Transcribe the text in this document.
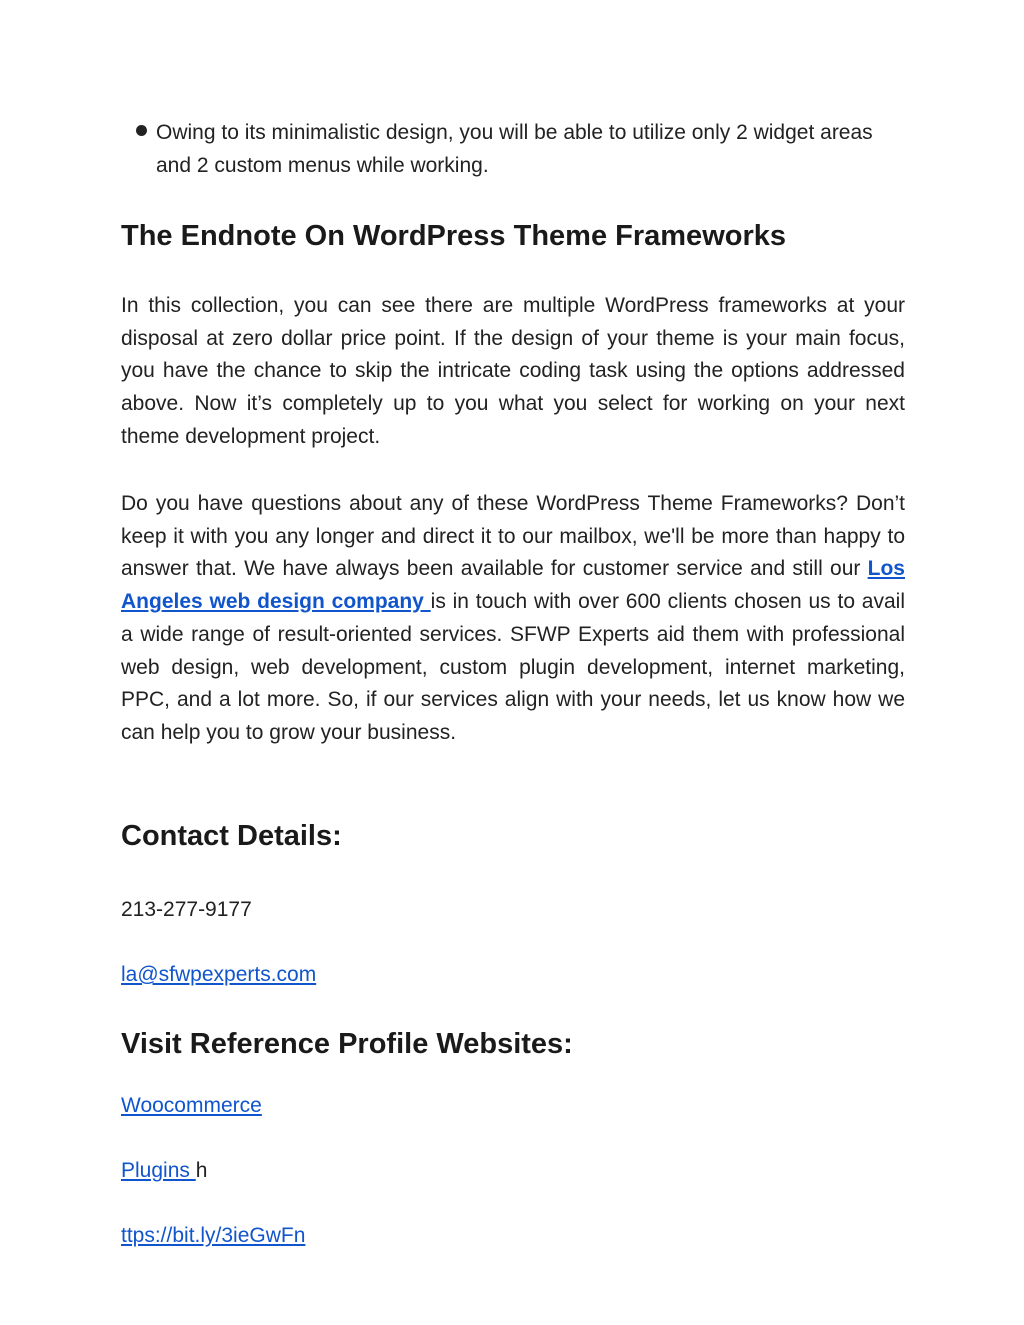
Owing to its minimalistic design, you will be able to utilize only 2 widget areas and 2 custom menus while working.
The Endnote On WordPress Theme Frameworks

In this collection, you can see there are multiple WordPress frameworks at your disposal at zero dollar price point. If the design of your theme is your main focus, you have the chance to skip the intricate coding task using the options addressed above. Now it’s completely up to you what you select for working on your next theme development project.

Do you have questions about any of these WordPress Theme Frameworks? Don’t keep it with you any longer and direct it to our mailbox, we'll be more than happy to answer that. We have always been available for customer service and still our Los Angeles web design company is in touch with over 600 clients chosen us to avail a wide range of result-oriented services. SFWP Experts aid them with professional web design, web development, custom plugin development, internet marketing, PPC, and a lot more. So, if our services align with your needs, let us know how we can help you to grow your business.

Contact Details:
213-277-9177
la@sfwpexperts.com
Visit Reference Profile Websites:
Woocommerce
Plugins h
ttps://bit.ly/3ieGwFn
